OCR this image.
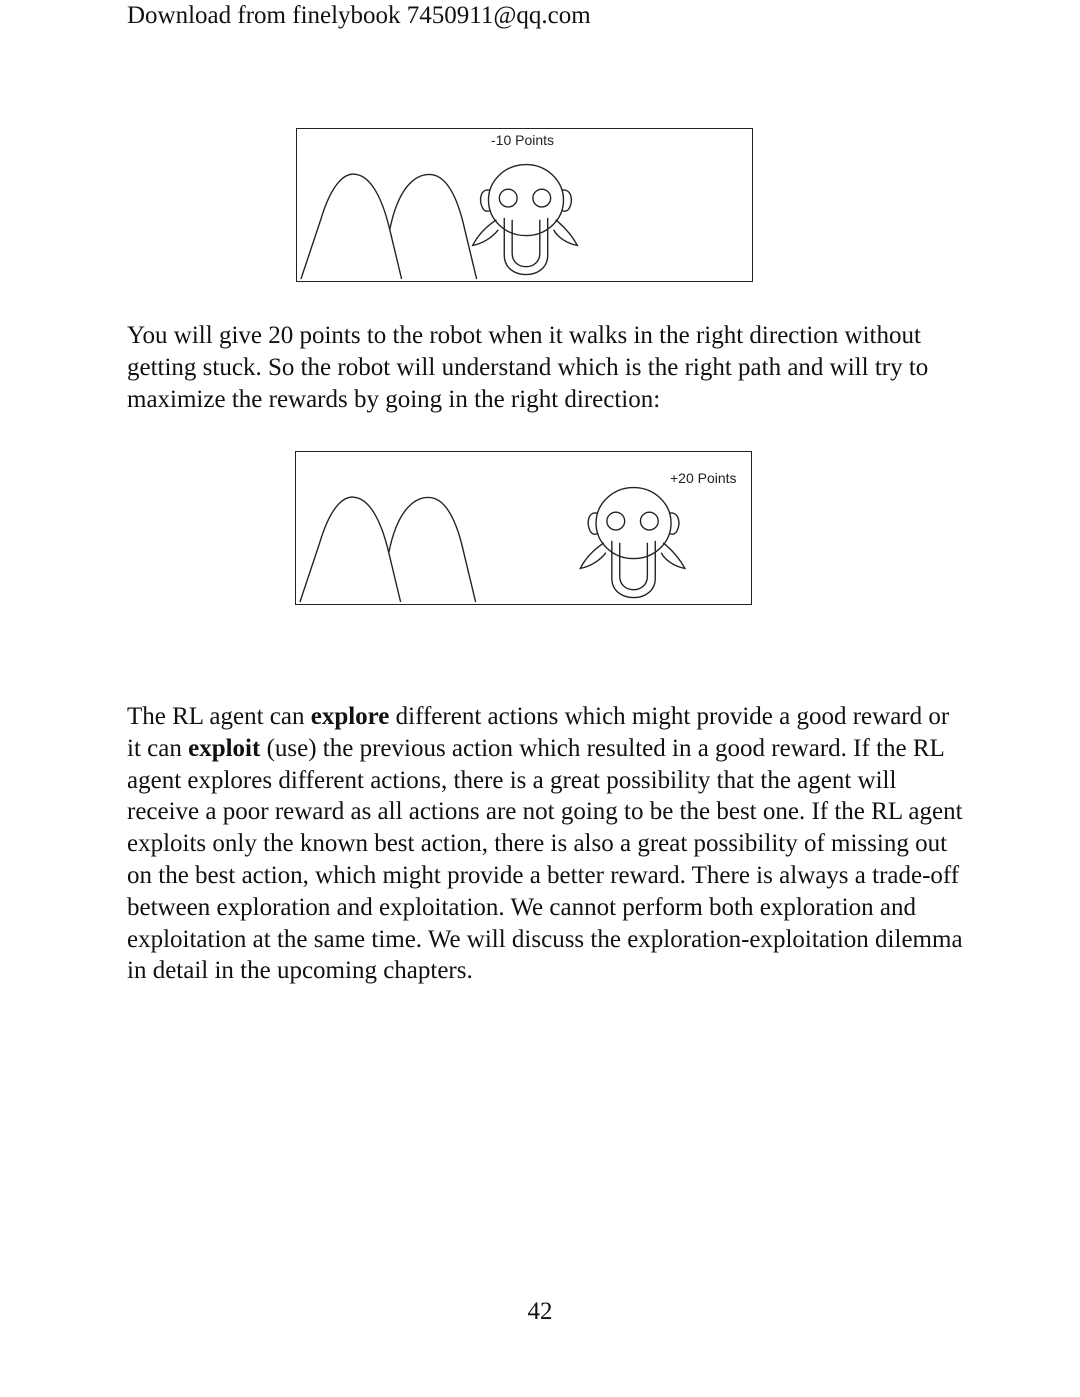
Download from finelybook 7450911@qq.com
-10 Points

You will give 20 points to the robot when it walks in the right direction without getting stuck. So the robot will understand which is the right path and will try to maximize the rewards by going in the right direction:

+20 Points

The RL agent can explore different actions which might provide a good reward or it can exploit (use) the previous action which resulted in a good reward. If the RL agent explores different actions, there is a great possibility that the agent will receive a poor reward as all actions are not going to be the best one. If the RL agent exploits only the known best action, there is also a great possibility of missing out on the best action, which might provide a better reward. There is always a trade-off between exploration and exploitation. We cannot perform both exploration and exploitation at the same time. We will discuss the exploration-exploitation dilemma in detail in the upcoming chapters.

42
